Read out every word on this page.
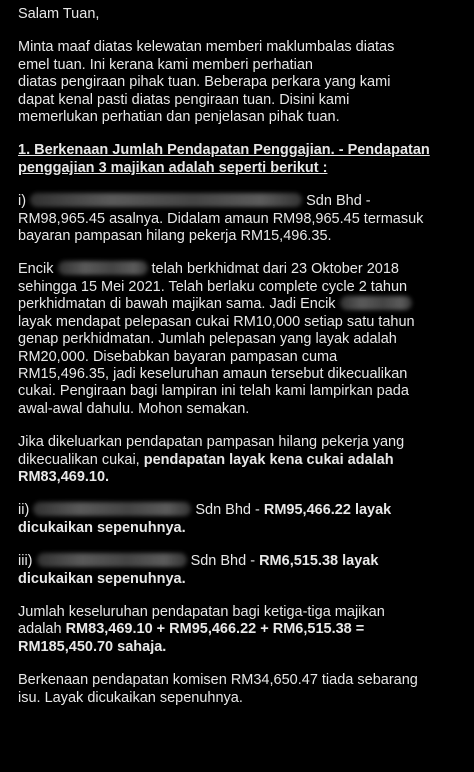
Salam Tuan,

Minta maaf diatas kelewatan memberi maklumbalas diatas
emel tuan. Ini kerana kami memberi perhatian
diatas pengiraan pihak tuan. Beberapa perkara yang kami
dapat kenal pasti diatas pengiraan tuan. Disini kami
memerlukan perhatian dan penjelasan pihak tuan.

1. Berkenaan Jumlah Pendapatan Penggajian. - Pendapatan
penggajian 3 majikan adalah seperti berikut :

i)	Sdn Bhd -
RM98,965.45 asalnya. Didalam amaun RM98,965.45 termasuk
bayaran pampasan hilang pekerja RM15,496.35.

Encik	telah berkhidmat dari 23 Oktober 2018
sehingga 15 Mei 2021. Telah berlaku complete cycle 2 tahun
perkhidmatan di bawah majikan sama. Jadi Encik
layak mendapat pelepasan cukai RM10,000 setiap satu tahun
genap perkhidmatan. Jumlah pelepasan yang layak adalah
RM20,000. Disebabkan bayaran pampasan cuma
RM15,496.35, jadi keseluruhan amaun tersebut dikecualikan
cukai. Pengiraan bagi lampiran ini telah kami lampirkan pada
awal-awal dahulu. Mohon semakan.

Jika dikeluarkan pendapatan pampasan hilang pekerja yang
dikecualikan cukai, pendapatan layak kena cukai adalah
RM83,469.10.

ii)	Sdn Bhd - RM95,466.22 layak
dicukaikan sepenuhnya.

iii)	Sdn Bhd - RM6,515.38 layak
dicukaikan sepenuhnya.

Jumlah keseluruhan pendapatan bagi ketiga-tiga majikan
adalah RM83,469.10 + RM95,466.22 + RM6,515.38 =
RM185,450.70 sahaja.

Berkenaan pendapatan komisen RM34,650.47 tiada sebarang
isu. Layak dicukaikan sepenuhnya.
